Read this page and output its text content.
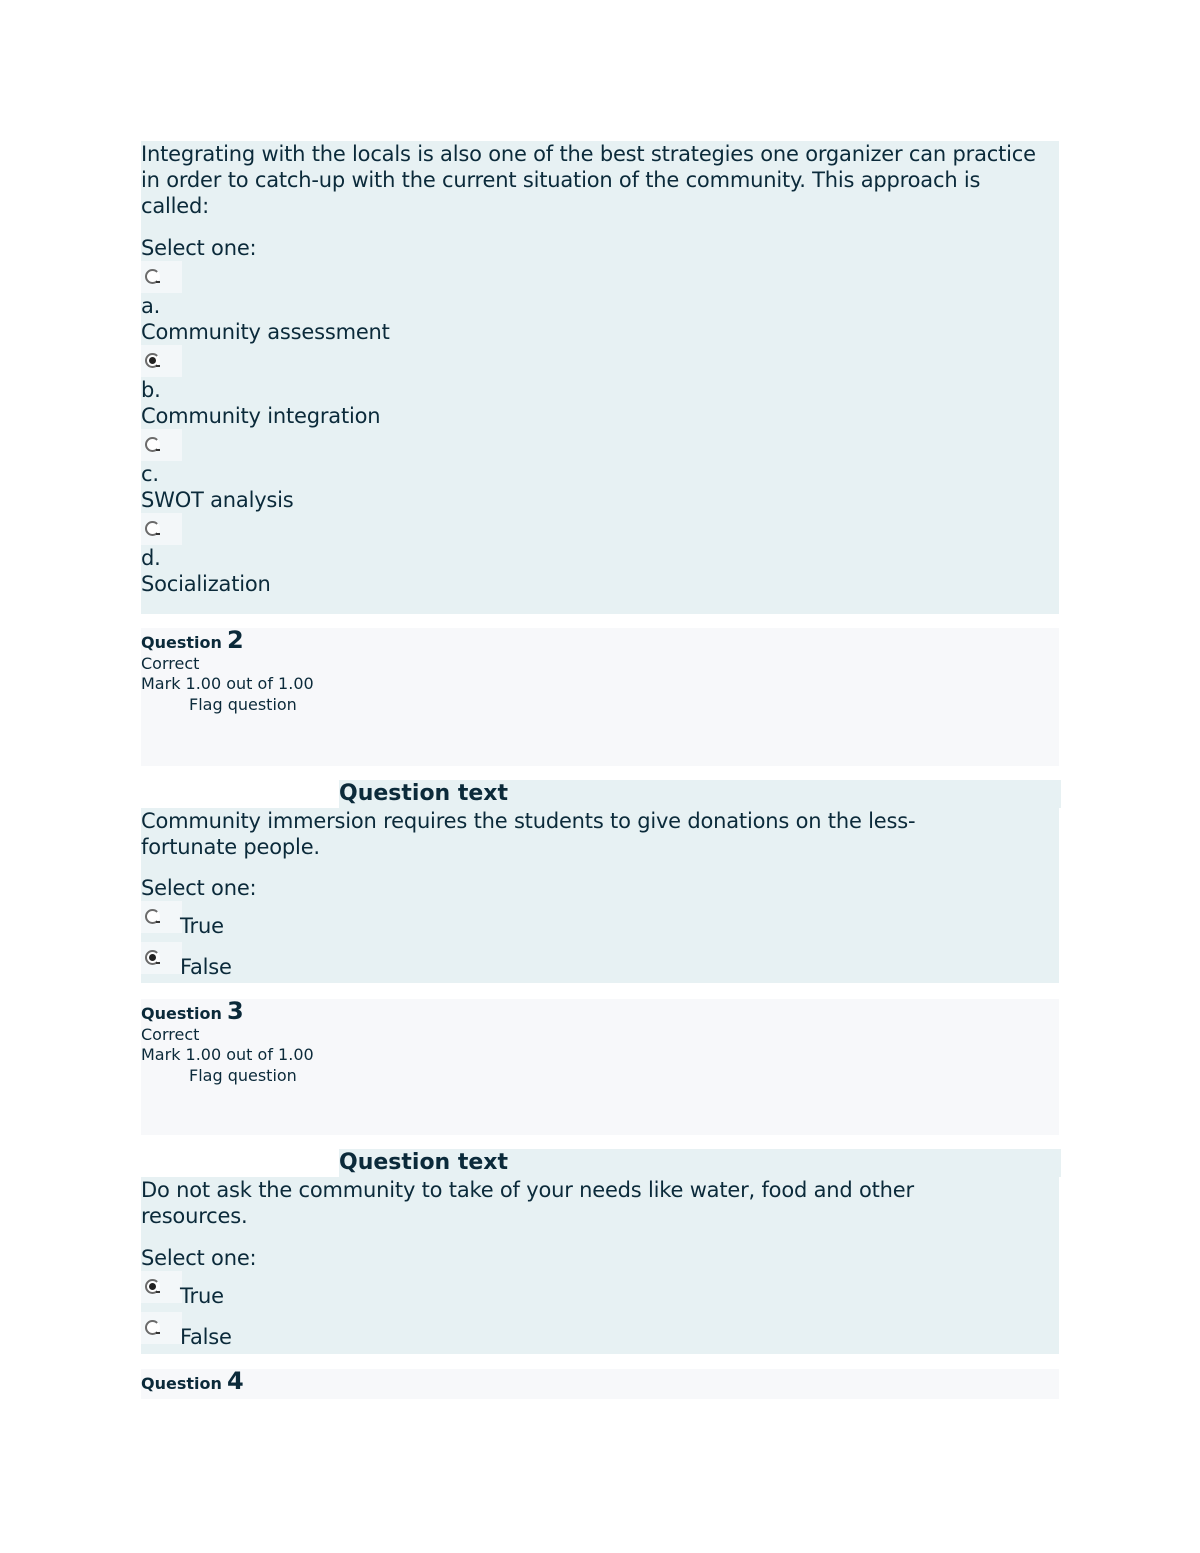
Integrating with the locals is also one of the best strategies one organizer can practice in order to catch-up with the current situation of the community. This approach is called:
Select one:
a.
Community assessment
b.
Community integration
c.
SWOT analysis
d.
Socialization
Question 2
Correct
Mark 1.00 out of 1.00
Flag question
Question text
Community immersion requires the students to give donations on the less-fortunate people.
Select one:
True
False
Question 3
Correct
Mark 1.00 out of 1.00
Flag question
Question text
Do not ask the community to take of your needs like water, food and other resources.
Select one:
True
False
Question 4
